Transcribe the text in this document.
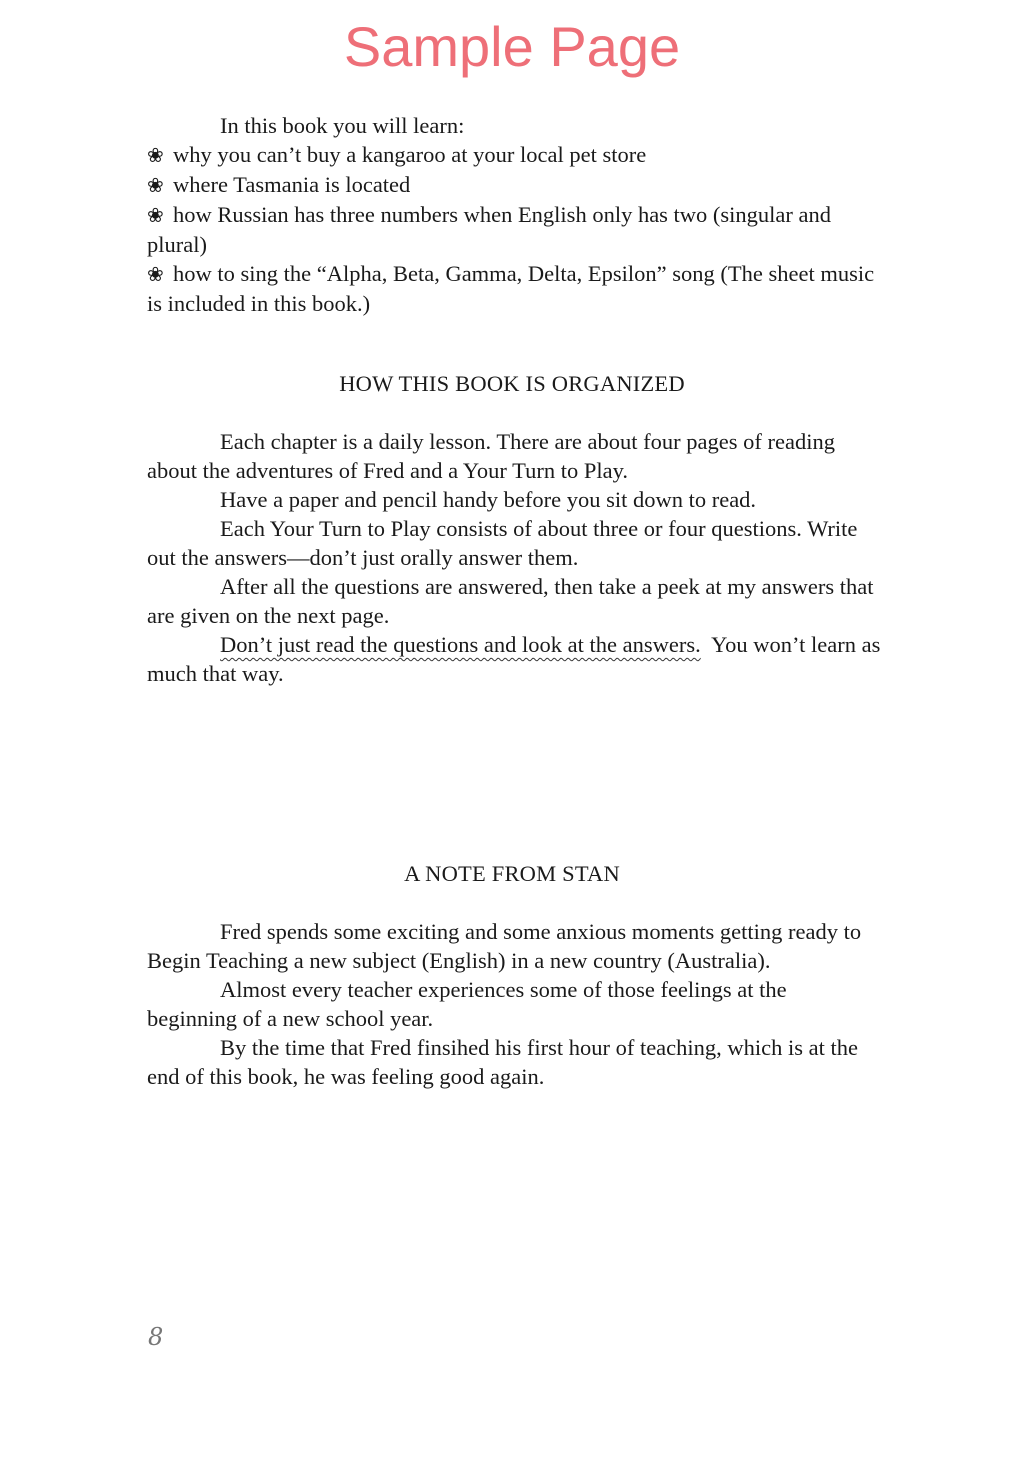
Sample Page

In this book you will learn:

❀ why you can’t buy a kangaroo at your local pet store

❀ where Tasmania is located

❀ how Russian has three numbers when English only has two (singular and plural)

❀ how to sing the “Alpha, Beta, Gamma, Delta, Epsilon” song (The sheet music is included in this book.)

HOW THIS BOOK IS ORGANIZED

Each chapter is a daily lesson. There are about four pages of reading about the adventures of Fred and a Your Turn to Play.

Have a paper and pencil handy before you sit down to read.

Each Your Turn to Play consists of about three or four questions. Write out the answers—don’t just orally answer them.

After all the questions are answered, then take a peek at my answers that are given on the next page.

Don’t just read the questions and look at the answers.  You won’t learn as much that way.

A NOTE FROM STAN

Fred spends some exciting and some anxious moments getting ready to Begin Teaching a new subject (English) in a new country (Australia).

Almost every teacher experiences some of those feelings at the beginning of a new school year.

By the time that Fred finsihed his first hour of teaching, which is at the end of this book, he was feeling good again.

8
